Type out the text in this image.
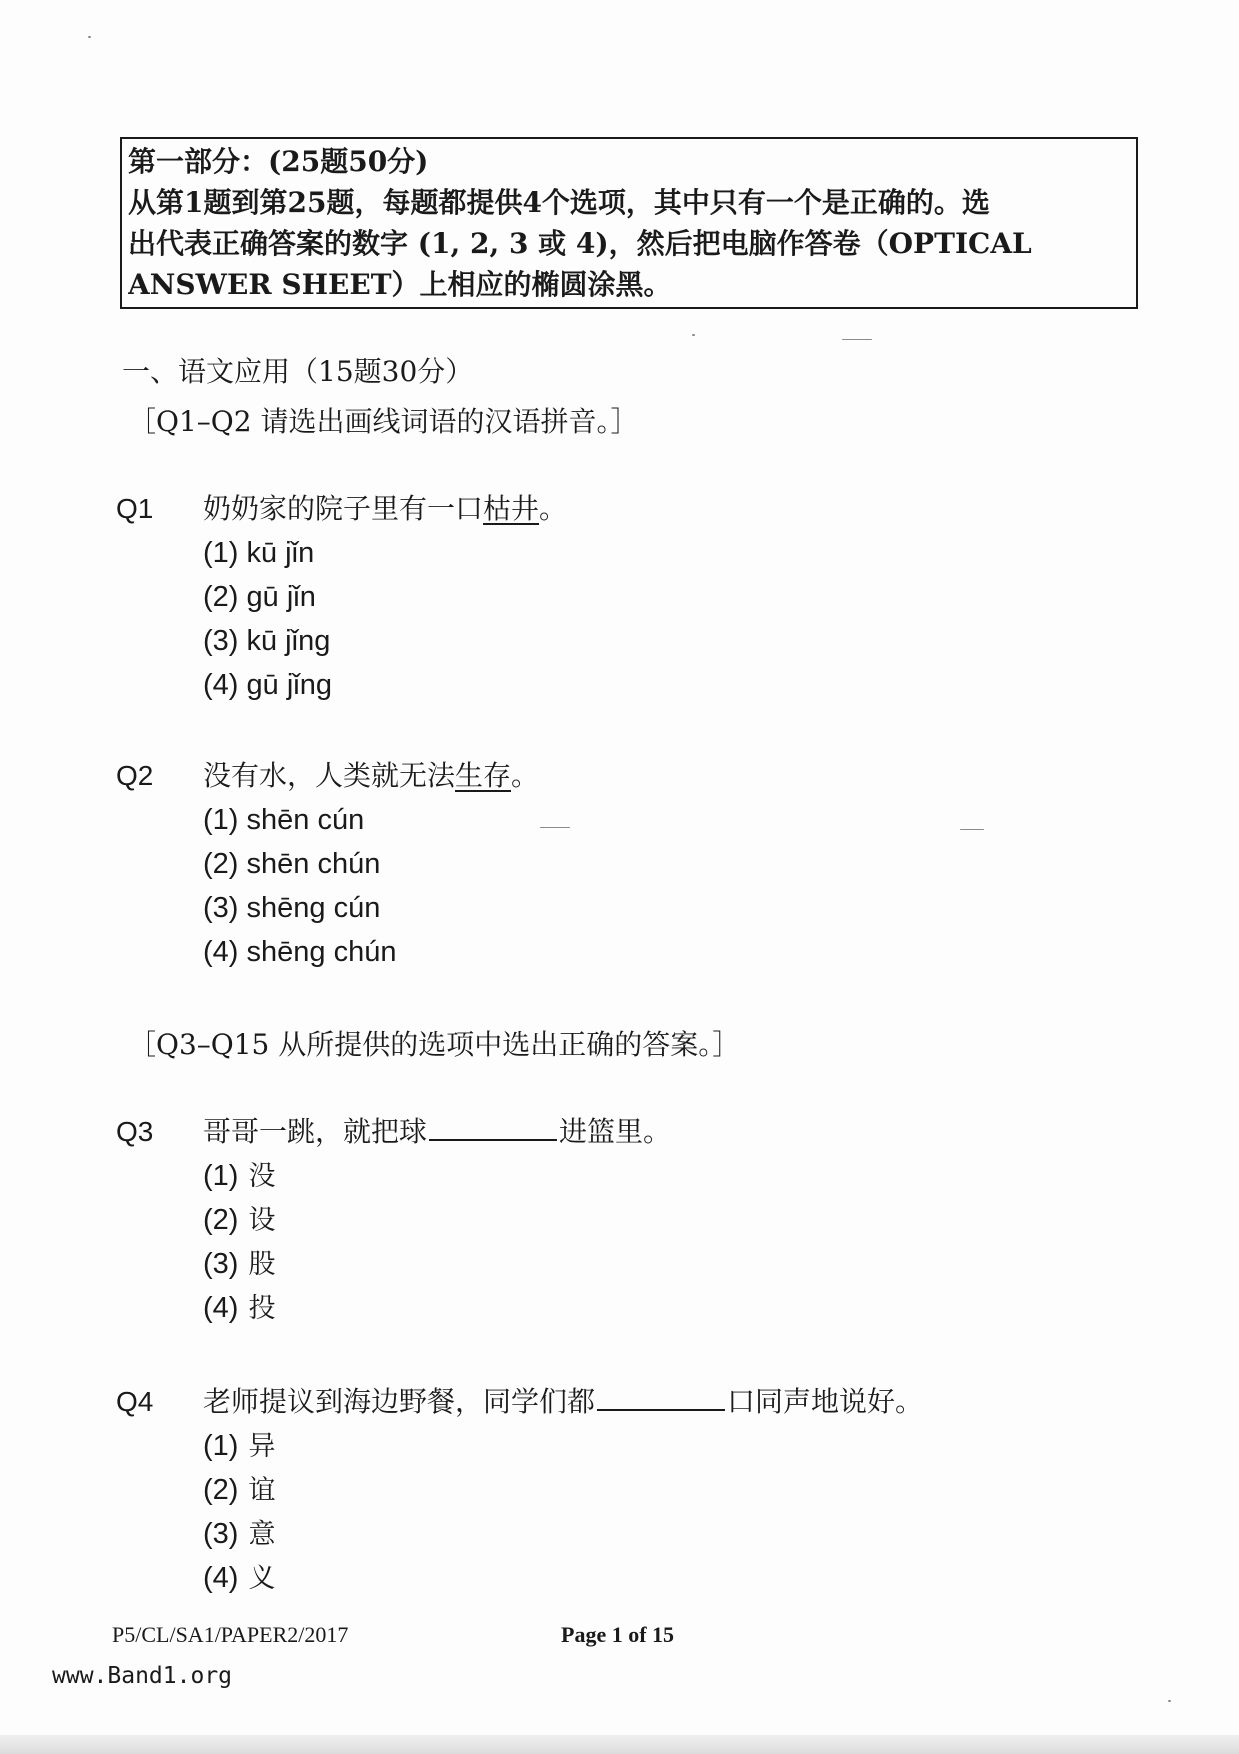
第一部分：(25题50分)
从第1题到第25题，每题都提供4个选项，其中只有一个是正确的。选
出代表正确答案的数字 (1, 2, 3 或 4)，然后把电脑作答卷（OPTICAL
ANSWER SHEET）上相应的椭圆涂黑。
一、语文应用（15题30分）
［Q1–Q2 请选出画线词语的汉语拼音。］
Q1 奶奶家的院子里有一口枯井。
(1) kū jǐn
(2) gū jǐn
(3) kū jǐng
(4) gū jǐng
Q2 没有水，人类就无法生存。
(1) shēn cún
(2) shēn chún
(3) shēng cún
(4) shēng chún
［Q3–Q15 从所提供的选项中选出正确的答案。］
Q3 哥哥一跳，就把球	进篮里。
(1) 没
(2) 设
(3) 股
(4) 投
Q4 老师提议到海边野餐，同学们都	口同声地说好。
(1) 异
(2) 谊
(3) 意
(4) 义
P5/CL/SA1/PAPER2/2017	Page 1 of 15
www.Band1.org
